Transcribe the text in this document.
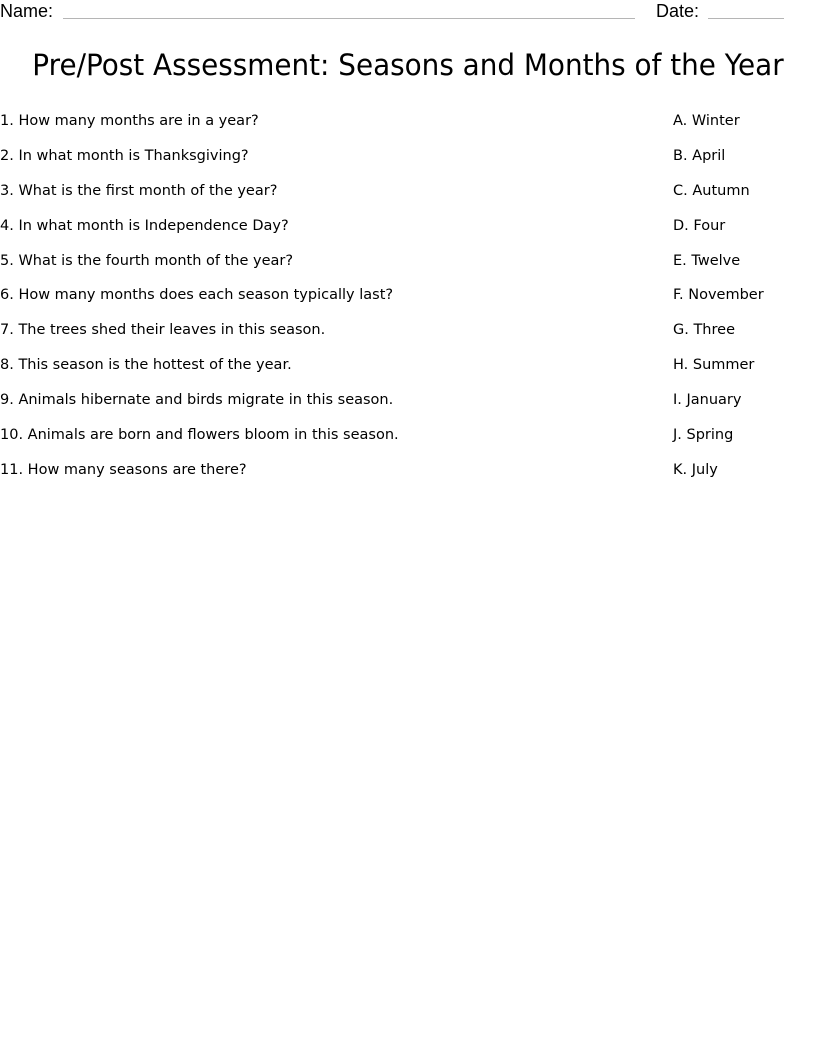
Name:	Date:
Pre/Post Assessment: Seasons and Months of the Year
1. How many months are in a year?
2. In what month is Thanksgiving?
3. What is the first month of the year?
4. In what month is Independence Day?
5. What is the fourth month of the year?
6. How many months does each season typically last?
7. The trees shed their leaves in this season.
8. This season is the hottest of the year.
9. Animals hibernate and birds migrate in this season.
10. Animals are born and flowers bloom in this season.
11. How many seasons are there?
A. Winter
B. April
C. Autumn
D. Four
E. Twelve
F. November
G. Three
H. Summer
I. January
J. Spring
K. July
